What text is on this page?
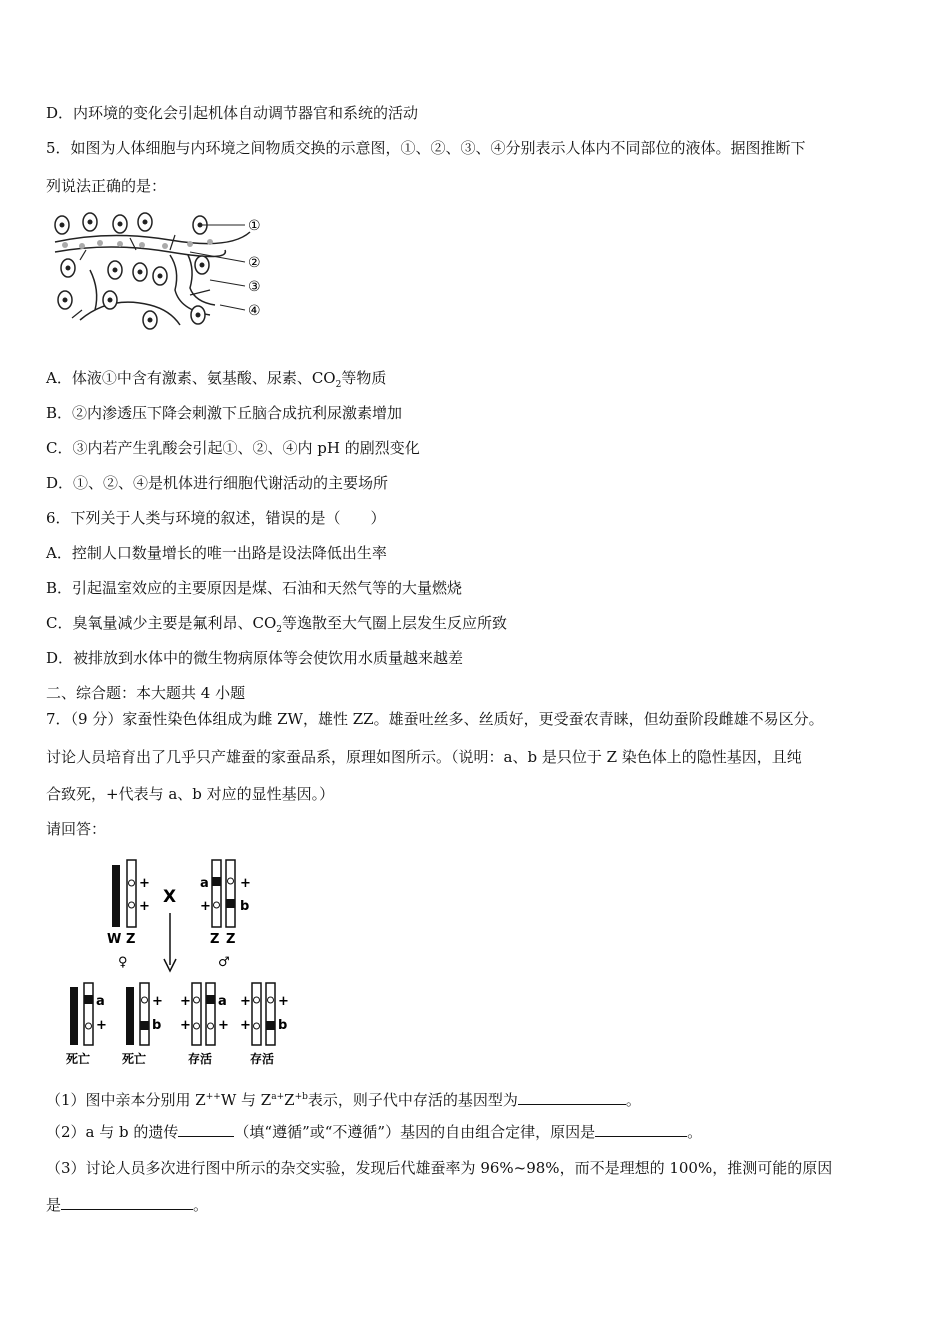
D．内环境的变化会引起机体自动调节器官和系统的活动
5．如图为人体细胞与内环境之间物质交换的示意图，①、②、③、④分别表示人体内不同部位的液体。据图推断下
列说法正确的是：
①
②
③
④
A．体液①中含有激素、氨基酸、尿素、$CO_2$等物质
B．②内渗透压下降会刺激下丘脑合成抗利尿激素增加
C．③内若产生乳酸会引起①、②、④内 pH 的剧烈变化
D．①、②、④是机体进行细胞代谢活动的主要场所
6．下列关于人类与环境的叙述，错误的是（　　）
A．控制人口数量增长的唯一出路是设法降低出生率
B．引起温室效应的主要原因是煤、石油和天然气等的大量燃烧
C．臭氧量减少主要是氟利昂、$CO_2$等逸散至大气圈上层发生反应所致
D．被排放到水体中的微生物病原体等会使饮用水质量越来越差
二、综合题：本大题共 4 小题
7．（9 分）家蚕性染色体组成为雌 ZW，雄性 ZZ。雄蚕吐丝多、丝质好，更受蚕农青睐，但幼蚕阶段雌雄不易区分。
讨论人员培育出了几乎只产雄蚕的家蚕品系，原理如图所示。（说明：a、b 是只位于 Z 染色体上的隐性基因，且纯
合致死，+代表与 a、b 对应的显性基因。）
请回答：
+
+
W Z
♀
X
a
+
+
b
Z Z
♂
a
+
死亡
+
b
死亡
+
+
a
+
存活
+
+
+
b
存活
（1）图中亲本分别用 Z++W 与 $Z^{a+}Z^{+b}$表示，则子代中存活的基因型为	。
（2）a 与 b 的遗传	（填“遵循”或“不遵循”）基因的自由组合定律，原因是	。
（3）讨论人员多次进行图中所示的杂交实验，发现后代雄蚕率为 96%~98%，而不是理想的 100%，推测可能的原因
是	。
